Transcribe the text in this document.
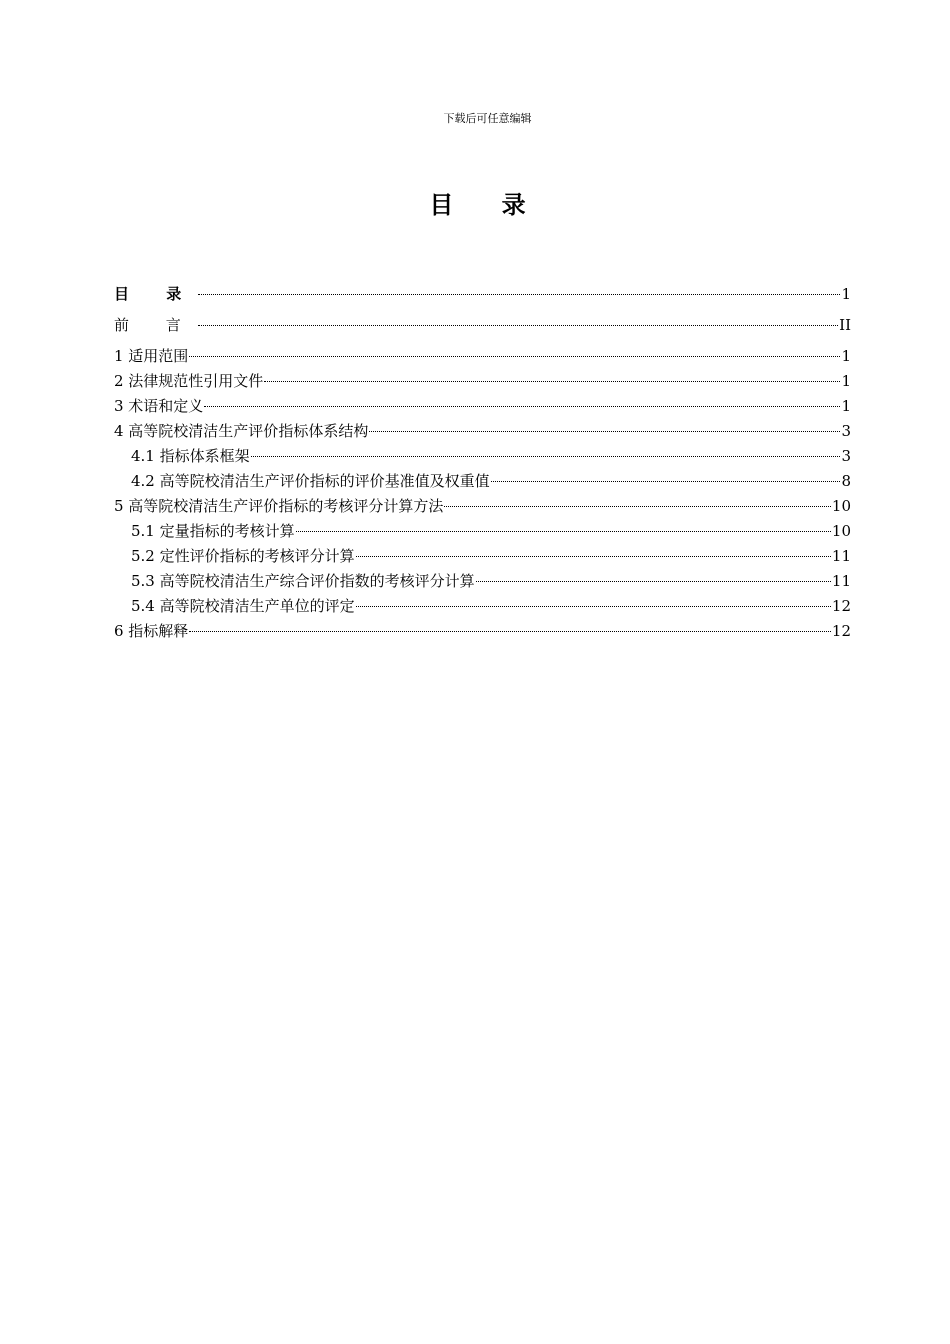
下载后可任意编辑
目 录
目 录	1
前 言	II
1 适用范围	1
2 法律规范性引用文件	1
3 术语和定义	1
4 高等院校清洁生产评价指标体系结构	3
4.1 指标体系框架	3
4.2 高等院校清洁生产评价指标的评价基准值及权重值	8
5 高等院校清洁生产评价指标的考核评分计算方法	10
5.1 定量指标的考核计算	10
5.2 定性评价指标的考核评分计算	11
5.3 高等院校清洁生产综合评价指数的考核评分计算	11
5.4 高等院校清洁生产单位的评定	12
6 指标解释	12
